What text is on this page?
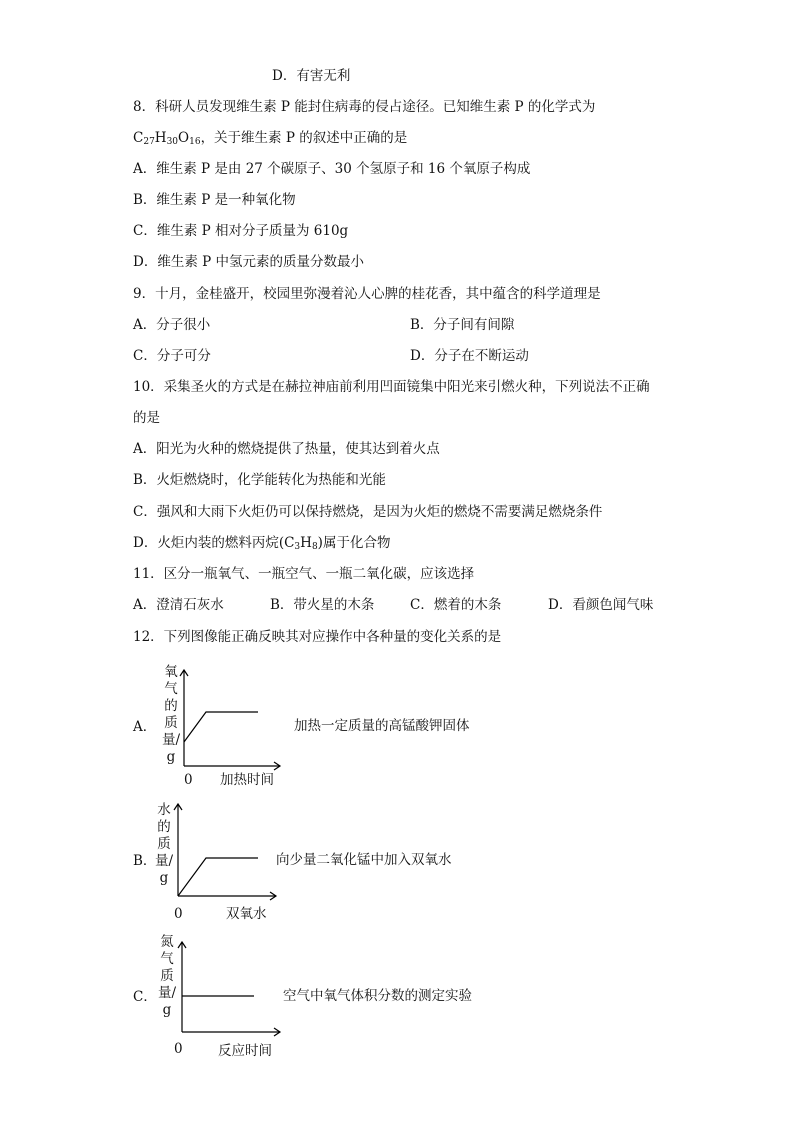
D．有害无利
8．科研人员发现维生素 P 能封住病毒的侵占途径。已知维生素 P 的化学式为
$C_{27}H_{30}O_{16}$，关于维生素 P 的叙述中正确的是
A．维生素 P 是由 27 个碳原子、30 个氢原子和 16 个氧原子构成
B．维生素 P 是一种氧化物
C．维生素 P 相对分子质量为 610g
D．维生素 P 中氢元素的质量分数最小
9．十月，金桂盛开，校园里弥漫着沁人心脾的桂花香，其中蕴含的科学道理是
A．分子很小	B．分子间有间隙
C．分子可分	D．分子在不断运动
10．采集圣火的方式是在赫拉神庙前利用凹面镜集中阳光来引燃火种，下列说法不正确
的是
A．阳光为火种的燃烧提供了热量，使其达到着火点
B．火炬燃烧时，化学能转化为热能和光能
C．强风和大雨下火炬仍可以保持燃烧，是因为火炬的燃烧不需要满足燃烧条件
D．火炬内装的燃料丙烷$(C_3H_8)$属于化合物
11．区分一瓶氧气、一瓶空气、一瓶二氧化碳，应该选择
A．澄清石灰水	B．带火星的木条	C．燃着的木条	D．看颜色闻气味
12．下列图像能正确反映其对应操作中各种量的变化关系的是
A．
氧气的质量/g
0 加热时间
加热一定质量的高锰酸钾固体
B．
水的质量/g
0	双氧水
向少量二氧化锰中加入双氧水
C．
氮气质量/g
0	反应时间
空气中氧气体积分数的测定实验
